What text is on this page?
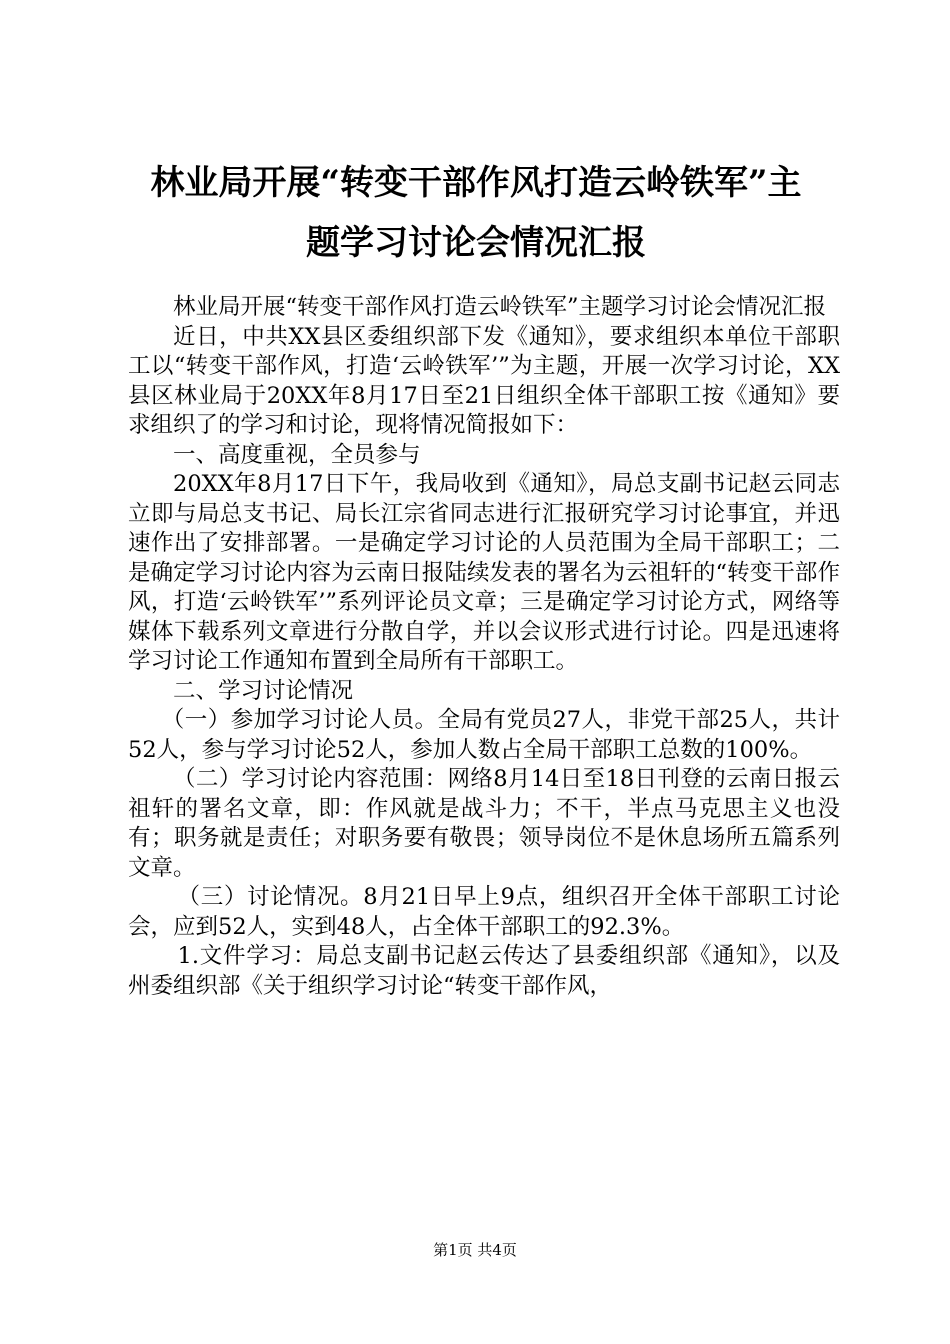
林业局开展“转变干部作风打造云岭铁军”主
题学习讨论会情况汇报

林业局开展“转变干部作风打造云岭铁军”主题学习讨论会情况汇报

近日，中共XX县区委组织部下发《通知》，要求组织本单位干部职工以“转变干部作风，打造‘云岭铁军’”为主题，开展一次学习讨论，XX县区林业局于20XX年8月17日至21日组织全体干部职工按《通知》要求组织了的学习和讨论，现将情况简报如下：

一、高度重视，全员参与

20XX年8月17日下午，我局收到《通知》，局总支副书记赵云同志立即与局总支书记、局长江宗省同志进行汇报研究学习讨论事宜，并迅速作出了安排部署。一是确定学习讨论的人员范围为全局干部职工；二是确定学习讨论内容为云南日报陆续发表的署名为云祖轩的“转变干部作风，打造‘云岭铁军’”系列评论员文章；三是确定学习讨论方式，网络等媒体下载系列文章进行分散自学，并以会议形式进行讨论。四是迅速将学习讨论工作通知布置到全局所有干部职工。

二、学习讨论情况

（一）参加学习讨论人员。全局有党员27人，非党干部25人，共计52人，参与学习讨论52人，参加人数占全局干部职工总数的100%。

（二）学习讨论内容范围：网络8月14日至18日刊登的云南日报云祖轩的署名文章，即：作风就是战斗力；不干，半点马克思主义也没有；职务就是责任；对职务要有敬畏；领导岗位不是休息场所五篇系列文章。

（三）讨论情况。8月21日早上9点，组织召开全体干部职工讨论会，应到52人，实到48人，占全体干部职工的92.3%。

1.文件学习：局总支副书记赵云传达了县委组织部《通知》，以及州委组织部《关于组织学习讨论“转变干部作风，

第1页 共4页
